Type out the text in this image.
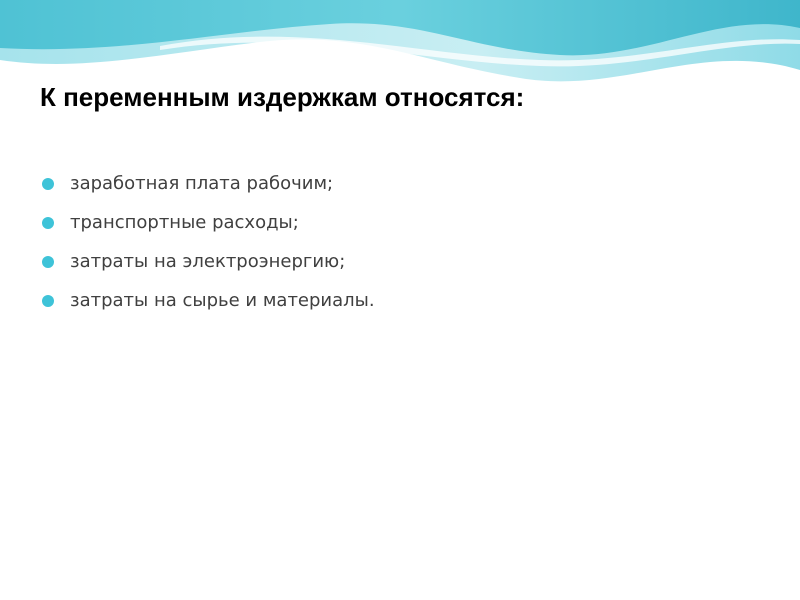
К переменным издержкам относятся:
заработная плата рабочим;
транспортные расходы;
затраты на электроэнергию;
затраты на сырье и материалы.
